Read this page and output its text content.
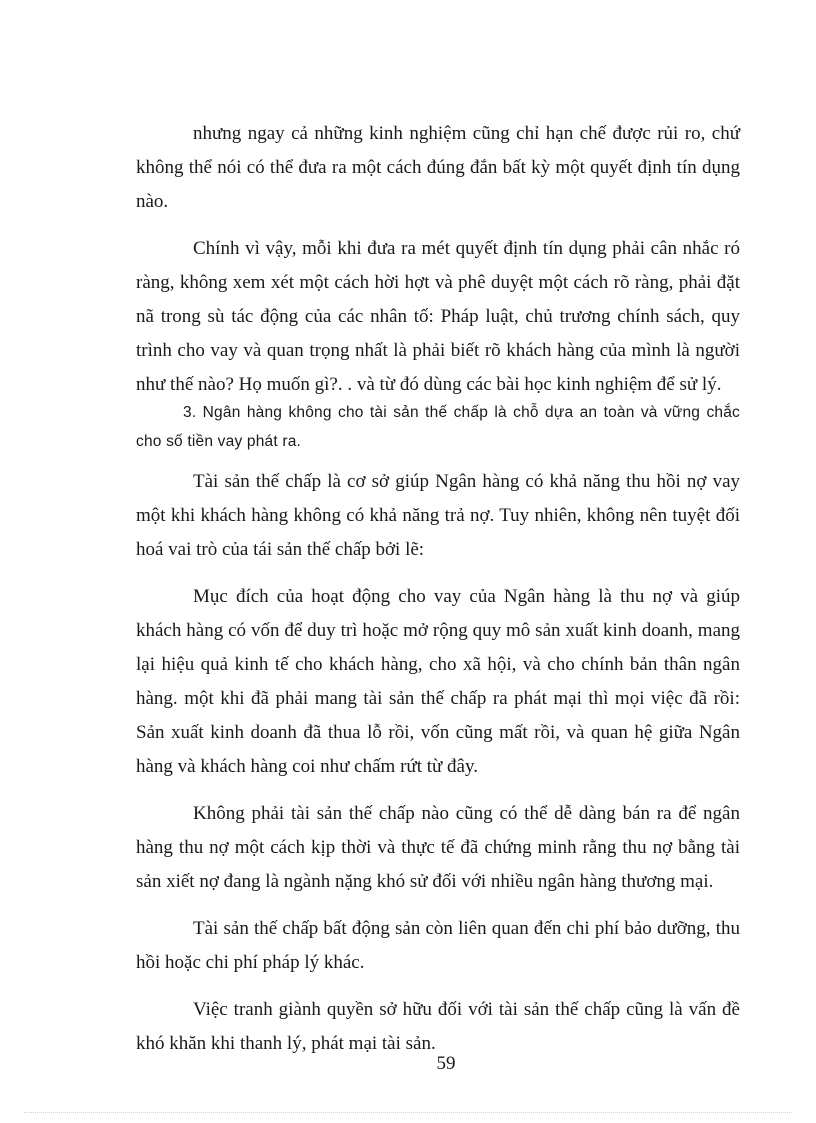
nhưng ngay cả những kinh nghiệm cũng chỉ hạn chế được rủi ro, chứ không thể nói có thể đưa ra một cách đúng đắn bất kỳ một quyết định tín dụng nào.

Chính vì vậy, mỗi khi đưa ra mét quyết định tín dụng phải cân nhắc ró ràng, không xem xét một cách hời hợt và phê duyệt một cách rõ ràng, phải đặt nã trong sù tác động của các nhân tố: Pháp luật, chủ trương chính sách, quy trình cho vay và quan trọng nhất là phải biết rõ khách hàng của mình là người như thế nào? Họ muốn gì?. . và từ đó dùng các bài học kinh nghiệm để sử lý.

3. Ngân hàng không cho tài sản thế chấp là chỗ dựa an toàn và vững chắc cho số tiền vay phát ra.

Tài sản thế chấp là cơ sở giúp Ngân hàng có khả năng thu hồi nợ vay một khi khách hàng không có khả năng trả nợ. Tuy nhiên, không nên tuyệt đối hoá vai trò của tái sản thế chấp bởi lẽ:

Mục đích của hoạt động cho vay của Ngân hàng là thu nợ và giúp khách hàng có vốn để duy trì hoặc mở rộng quy mô sản xuất kinh doanh, mang lại hiệu quả kinh tế cho khách hàng, cho xã hội, và cho chính bản thân ngân hàng. một khi đã phải mang tài sản thế chấp ra phát mại thì mọi việc đã rồi: Sản xuất kinh doanh đã thua lỗ rồi, vốn cũng mất rồi, và quan hệ giữa Ngân hàng và khách hàng coi như chấm rứt từ đây.

Không phải tài sản thế chấp nào cũng có thể dễ dàng bán ra để ngân hàng thu nợ một cách kịp thời và thực tế đã chứng minh rằng thu nợ bằng tài sản xiết nợ đang là ngành nặng khó sử đối với nhiều ngân hàng thương mại.

Tài sản thế chấp bất động sản còn liên quan đến chi phí bảo dưỡng, thu hồi hoặc chi phí pháp lý khác.

Việc tranh giành quyền sở hữu đối với tài sản thế chấp cũng là vấn đề khó khăn khi thanh lý, phát mại tài sản.

59
